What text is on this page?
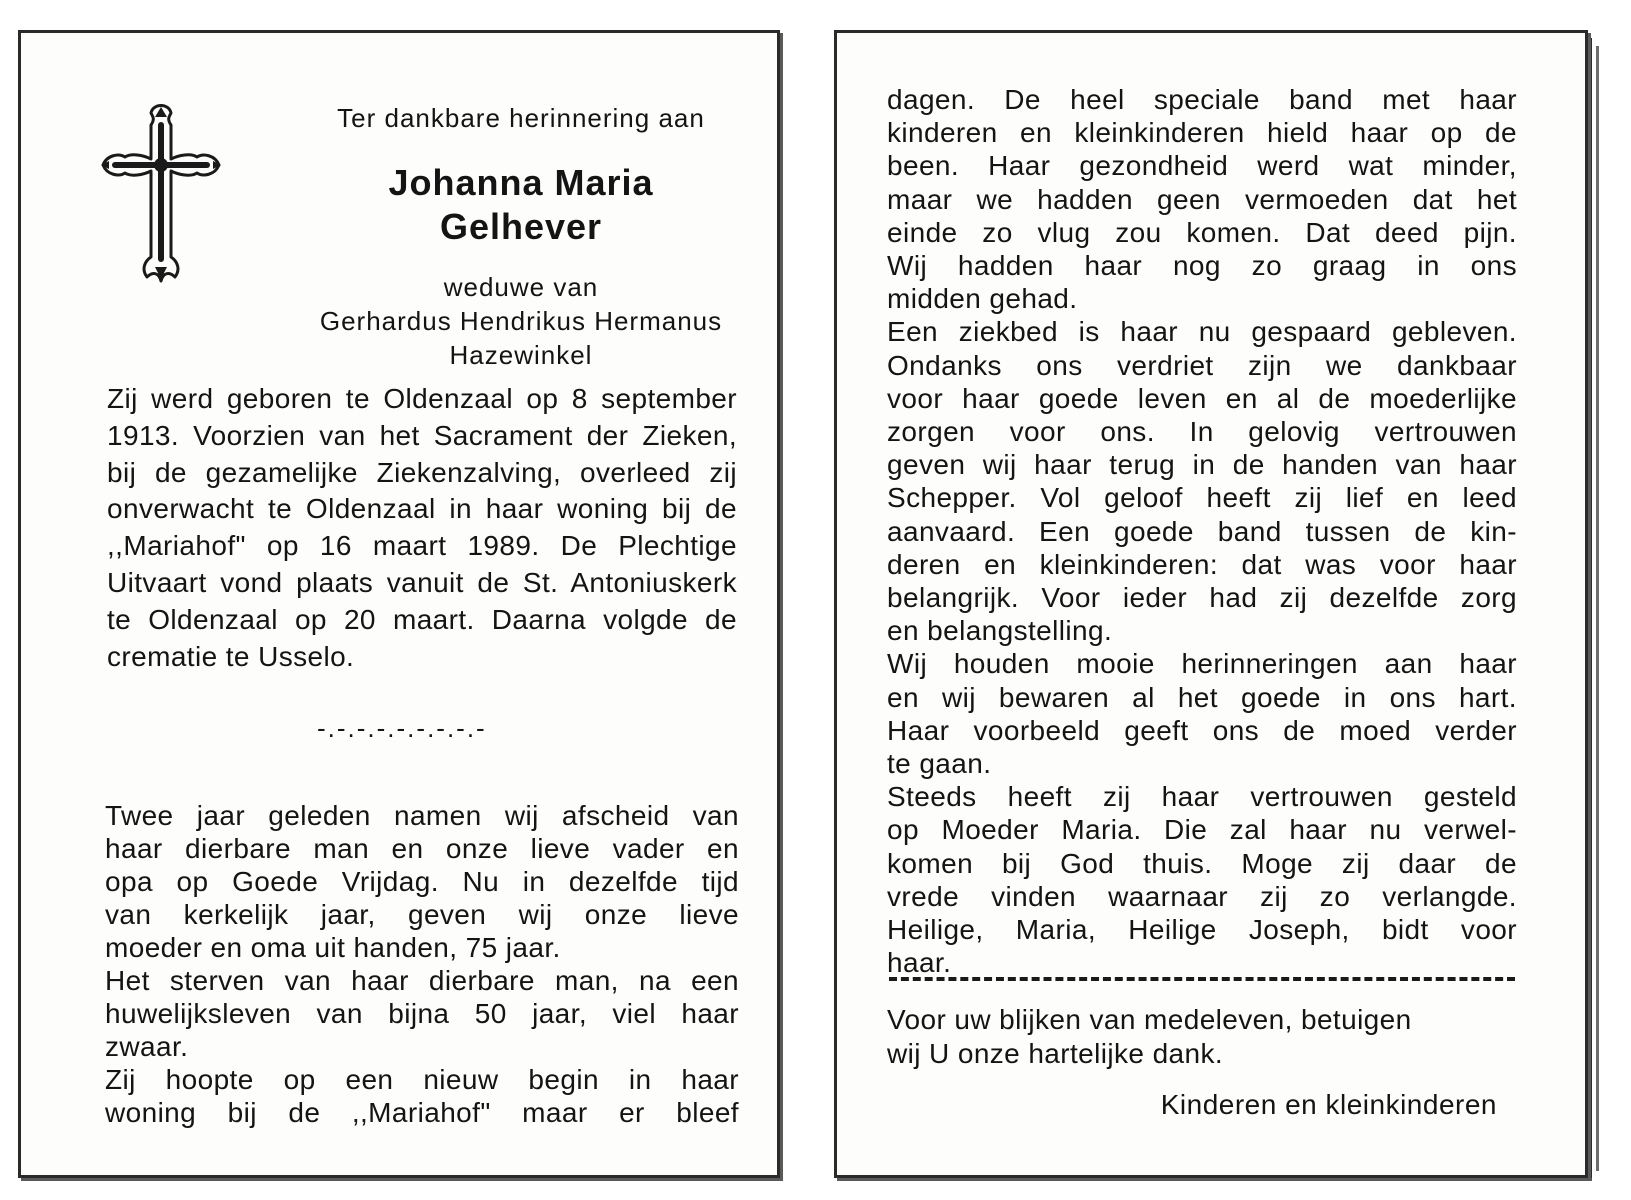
Ter dankbare herinnering aan
Johanna Maria
Gelhever
weduwe van
Gerhardus Hendrikus Hermanus
Hazewinkel
Zij werd geboren te Oldenzaal op 8 september 1913. Voorzien van het Sacrament der Zieken, bij de gezamelijke Ziekenzalving, overleed zij onverwacht te Oldenzaal in haar woning bij de ,,Mariahof" op 16 maart 1989. De Plechtige Uitvaart vond plaats vanuit de St. Antoniuskerk te Oldenzaal op 20 maart. Daarna volgde de crematie te Usselo.
-.-.-.-.-.-.-.-.-
Twee jaar geleden namen wij afscheid van
haar dierbare man en onze lieve vader en
opa op Goede Vrijdag. Nu in dezelfde tijd
van kerkelijk jaar, geven wij onze lieve
moeder en oma uit handen, 75 jaar.
Het sterven van haar dierbare man, na een
huwelijksleven van bijna 50 jaar, viel haar
zwaar.
Zij hoopte op een nieuw begin in haar
woning bij de ,,Mariahof" maar er bleef
dagen. De heel speciale band met haar
kinderen en kleinkinderen hield haar op de
been. Haar gezondheid werd wat minder,
maar we hadden geen vermoeden dat het
einde zo vlug zou komen. Dat deed pijn.
Wij hadden haar nog zo graag in ons
midden gehad.
Een ziekbed is haar nu gespaard gebleven.
Ondanks ons verdriet zijn we dankbaar
voor haar goede leven en al de moederlijke
zorgen voor ons. In gelovig vertrouwen
geven wij haar terug in de handen van haar
Schepper. Vol geloof heeft zij lief en leed
aanvaard. Een goede band tussen de kin-
deren en kleinkinderen: dat was voor haar
belangrijk. Voor ieder had zij dezelfde zorg
en belangstelling.
Wij houden mooie herinneringen aan haar
en wij bewaren al het goede in ons hart.
Haar voorbeeld geeft ons de moed verder
te gaan.
Steeds heeft zij haar vertrouwen gesteld
op Moeder Maria. Die zal haar nu verwel-
komen bij God thuis. Moge zij daar de
vrede vinden waarnaar zij zo verlangde.
Heilige, Maria, Heilige Joseph, bidt voor
haar.
Voor uw blijken van medeleven, betuigen
wij U onze hartelijke dank.
Kinderen en kleinkinderen
